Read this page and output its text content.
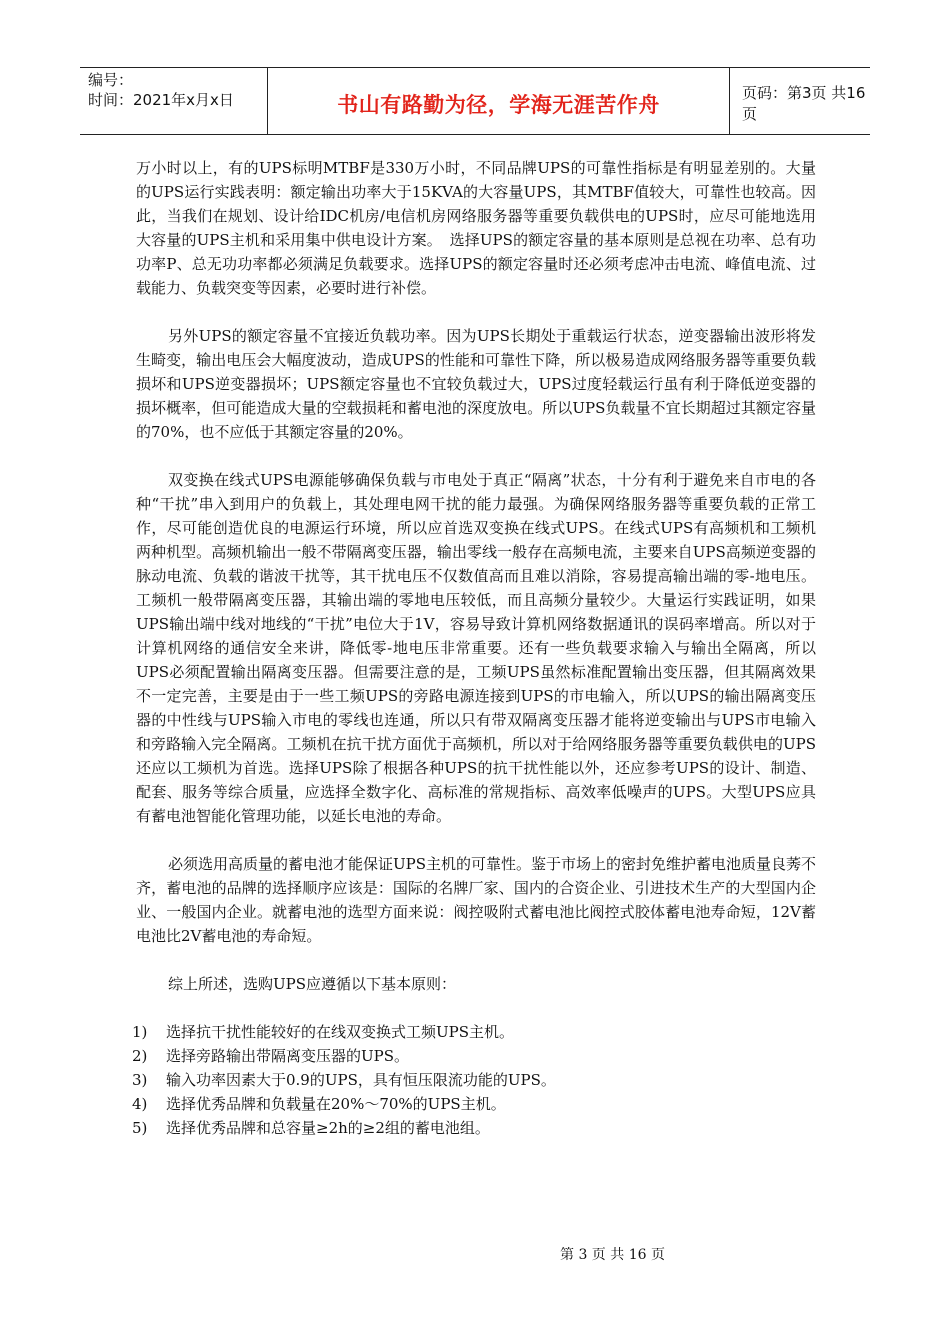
编号：
时间：2021年x月x日	书山有路勤为径，学海无涯苦作舟	页码：第3页 共16页

万小时以上，有的UPS标明MTBF是330万小时，不同品牌UPS的可靠性指标是有明显差别的。大量的UPS运行实践表明：额定输出功率大于15KVA的大容量UPS，其MTBF值较大，可靠性也较高。因此，当我们在规划、设计给IDC机房/电信机房网络服务器等重要负载供电的UPS时，应尽可能地选用大容量的UPS主机和采用集中供电设计方案。　选择UPS的额定容量的基本原则是总视在功率、总有功功率P、总无功功率都必须满足负载要求。选择UPS的额定容量时还必须考虑冲击电流、峰值电流、过载能力、负载突变等因素，必要时进行补偿。

另外UPS的额定容量不宜接近负载功率。因为UPS长期处于重载运行状态，逆变器输出波形将发生畸变，输出电压会大幅度波动，造成UPS的性能和可靠性下降，所以极易造成网络服务器等重要负载损坏和UPS逆变器损坏；UPS额定容量也不宜较负载过大，UPS过度轻载运行虽有利于降低逆变器的损坏概率，但可能造成大量的空载损耗和蓄电池的深度放电。所以UPS负载量不宜长期超过其额定容量的70%，也不应低于其额定容量的20%。

双变换在线式UPS电源能够确保负载与市电处于真正“隔离”状态，十分有利于避免来自市电的各种“干扰”串入到用户的负载上，其处理电网干扰的能力最强。为确保网络服务器等重要负载的正常工作，尽可能创造优良的电源运行环境，所以应首选双变换在线式UPS。在线式UPS有高频机和工频机两种机型。高频机输出一般不带隔离变压器，输出零线一般存在高频电流，主要来自UPS高频逆变器的脉动电流、负载的谐波干扰等，其干扰电压不仅数值高而且难以消除，容易提高输出端的零-地电压。工频机一般带隔离变压器，其输出端的零地电压较低，而且高频分量较少。大量运行实践证明，如果UPS输出端中线对地线的“干扰”电位大于1V，容易导致计算机网络数据通讯的误码率增高。所以对于计算机网络的通信安全来讲，降低零-地电压非常重要。还有一些负载要求输入与输出全隔离，所以UPS必须配置输出隔离变压器。但需要注意的是，工频UPS虽然标准配置输出变压器，但其隔离效果不一定完善，主要是由于一些工频UPS的旁路电源连接到UPS的市电输入，所以UPS的输出隔离变压器的中性线与UPS输入市电的零线也连通，所以只有带双隔离变压器才能将逆变输出与UPS市电输入和旁路输入完全隔离。工频机在抗干扰方面优于高频机，所以对于给网络服务器等重要负载供电的UPS还应以工频机为首选。选择UPS除了根据各种UPS的抗干扰性能以外，还应参考UPS的设计、制造、配套、服务等综合质量，应选择全数字化、高标准的常规指标、高效率低噪声的UPS。大型UPS应具有蓄电池智能化管理功能，以延长电池的寿命。

必须选用高质量的蓄电池才能保证UPS主机的可靠性。鉴于市场上的密封免维护蓄电池质量良莠不齐，蓄电池的品牌的选择顺序应该是：国际的名牌厂家、国内的合资企业、引进技术生产的大型国内企业、一般国内企业。就蓄电池的选型方面来说：阀控吸附式蓄电池比阀控式胶体蓄电池寿命短，12V蓄电池比2V蓄电池的寿命短。

综上所述，选购UPS应遵循以下基本原则：

1) 选择抗干扰性能较好的在线双变换式工频UPS主机。

2) 选择旁路输出带隔离变压器的UPS。

3) 输入功率因素大于0.9的UPS，具有恒压限流功能的UPS。

4) 选择优秀品牌和负载量在20%～70%的UPS主机。

5) 选择优秀品牌和总容量≥2h的≥2组的蓄电池组。

第 3 页 共 16 页
